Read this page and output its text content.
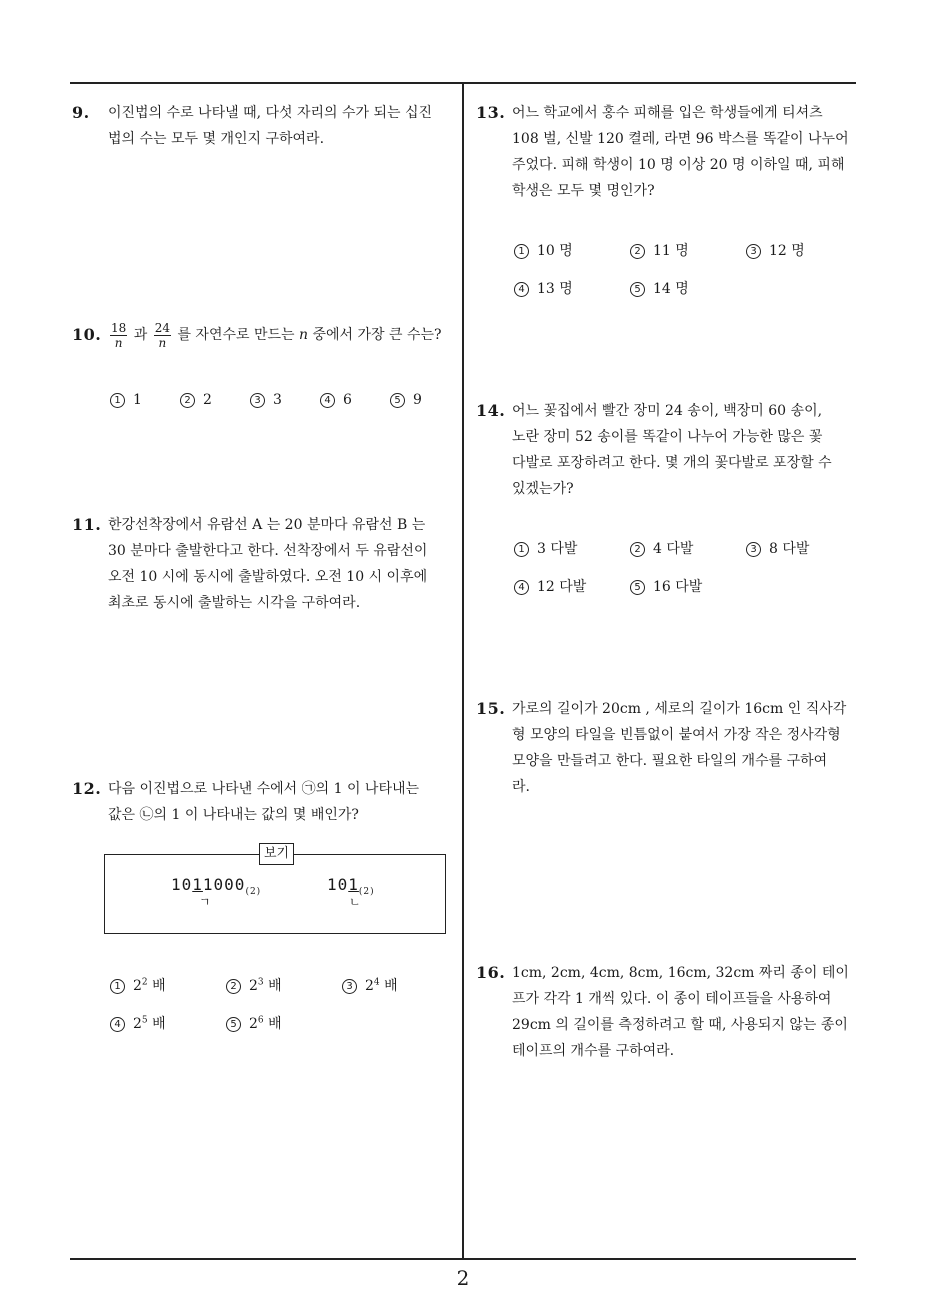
9. 이진법의 수로 나타낼 때, 다섯 자리의 수가 되는 십진
법의 수는 모두 몇 개인지 구하여라.
10. $\frac{18}{n}$ 과 $\frac{24}{n}$ 를 자연수로 만드는 n 중에서 가장 큰 수는?
1 1	2 2	3 3	4 6	5 9
11. 한강선착장에서 유람선 A 는 20 분마다 유람선 B 는
30 분마다 출발한다고 한다. 선착장에서 두 유람선이
오전 10 시에 동시에 출발하였다. 오전 10 시 이후에
최초로 동시에 출발하는 시각을 구하여라.
12. 다음 이진법으로 나타낸 수에서 ㉠의 1 이 나타내는
값은 ㉡의 1 이 나타내는 값의 몇 배인가?
보기
$1011000_{(2)}$
ㄱ
$101_{(2)}$
ㄴ
1 $2^2$ 배	2 $2^3$ 배	3 $2^4$ 배
4 $2^5$ 배	5 $2^6$ 배
13. 어느 학교에서 홍수 피해를 입은 학생들에게 티셔츠
108 벌, 신발 120 켤레, 라면 96 박스를 똑같이 나누어
주었다. 피해 학생이 10 명 이상 20 명 이하일 때, 피해
학생은 모두 몇 명인가?
1 10 명	2 11 명	3 12 명
4 13 명	5 14 명
14. 어느 꽃집에서 빨간 장미 24 송이, 백장미 60 송이,
노란 장미 52 송이를 똑같이 나누어 가능한 많은 꽃
다발로 포장하려고 한다. 몇 개의 꽃다발로 포장할 수
있겠는가?
1 3 다발	2 4 다발	3 8 다발
4 12 다발	5 16 다발
15. 가로의 길이가 20cm , 세로의 길이가 16cm 인 직사각
형 모양의 타일을 빈틈없이 붙여서 가장 작은 정사각형
모양을 만들려고 한다. 필요한 타일의 개수를 구하여
라.
16. 1cm, 2cm, 4cm, 8cm, 16cm, 32cm 짜리 종이 테이
프가 각각 1 개씩 있다. 이 종이 테이프들을 사용하여
29cm 의 길이를 측정하려고 할 때, 사용되지 않는 종이
테이프의 개수를 구하여라.
2
